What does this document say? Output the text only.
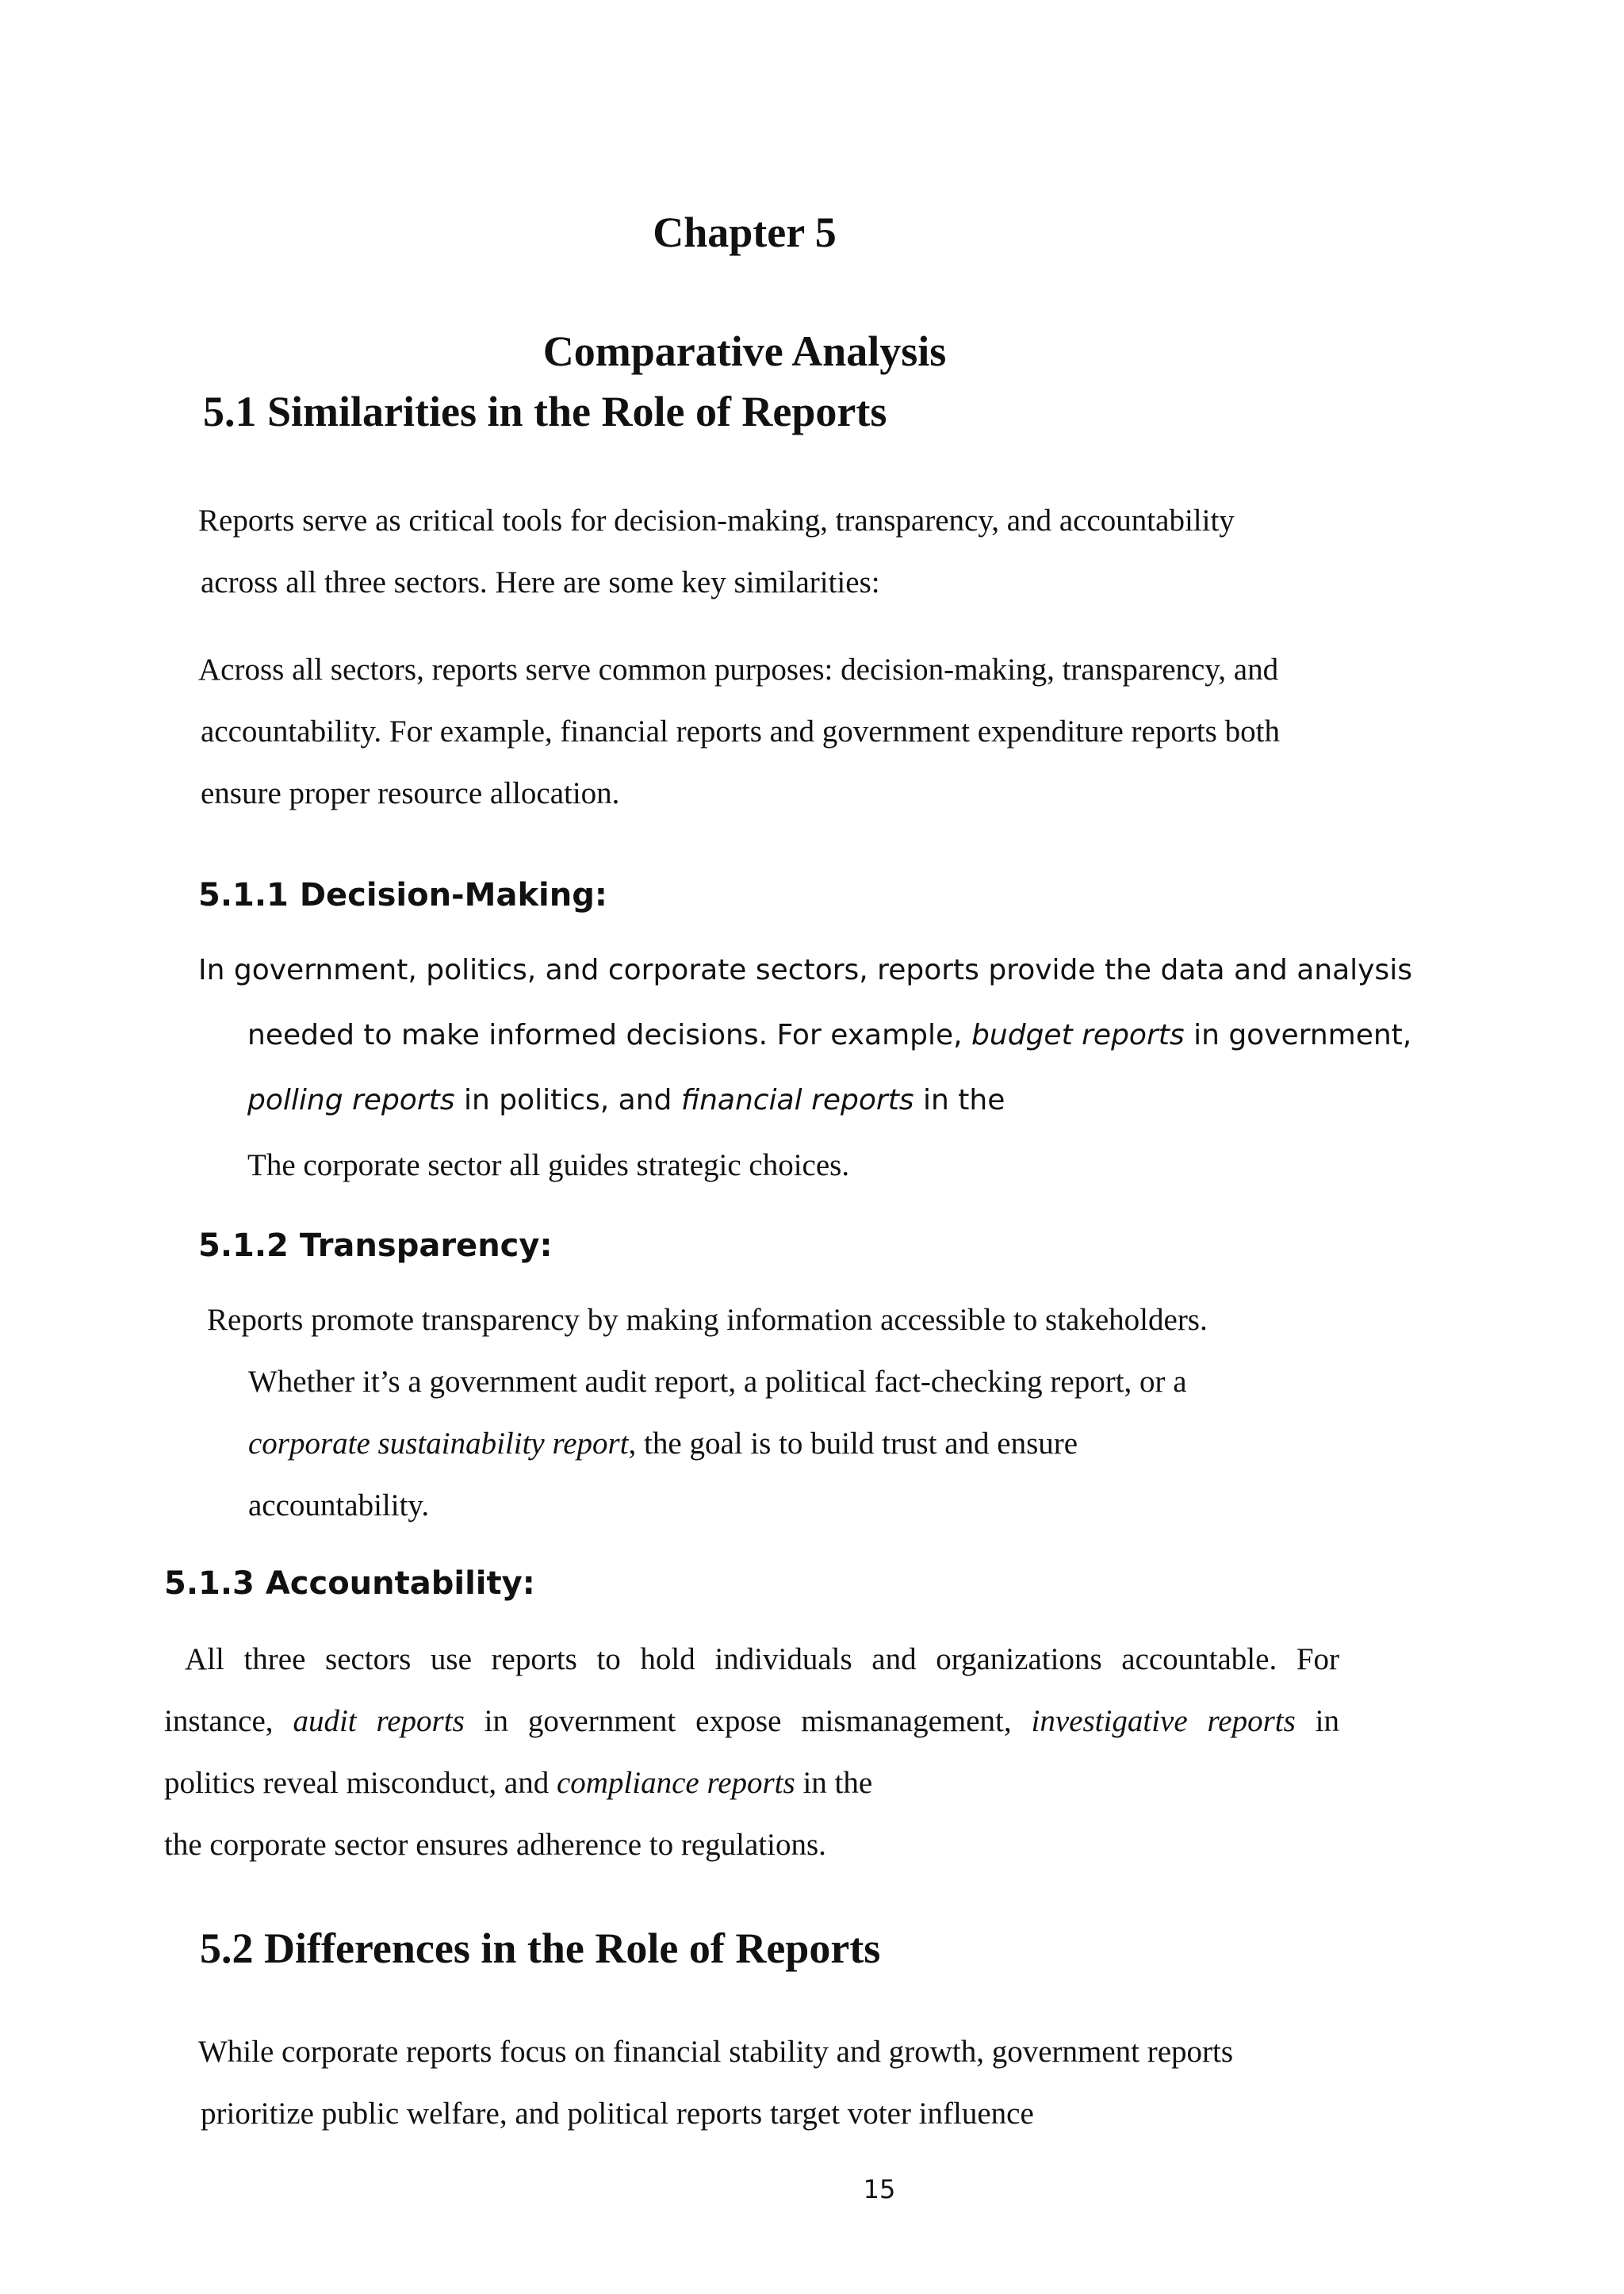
Chapter 5
Comparative Analysis
5.1 Similarities in the Role of Reports
Reports serve as critical tools for decision-making, transparency, and accountability
across all three sectors. Here are some key similarities:
Across all sectors, reports serve common purposes: decision-making, transparency, and
accountability. For example, financial reports and government expenditure reports both
ensure proper resource allocation.
5.1.1 Decision-Making:
In government, politics, and corporate sectors, reports provide the data and analysis
needed to make informed decisions. For example, budget reports in government,
polling reports in politics, and financial reports in the
The corporate sector all guides strategic choices.
5.1.2 Transparency:
Reports promote transparency by making information accessible to stakeholders.
Whether it’s a government audit report, a political fact-checking report, or a
corporate sustainability report, the goal is to build trust and ensure
accountability.
5.1.3 Accountability:
All three sectors use reports to hold individuals and organizations accountable. For
instance, audit reports in government expose mismanagement, investigative reports in
politics reveal misconduct, and compliance reports in the
the corporate sector ensures adherence to regulations.
5.2 Differences in the Role of Reports
While corporate reports focus on financial stability and growth, government reports
prioritize public welfare, and political reports target voter influence
15
